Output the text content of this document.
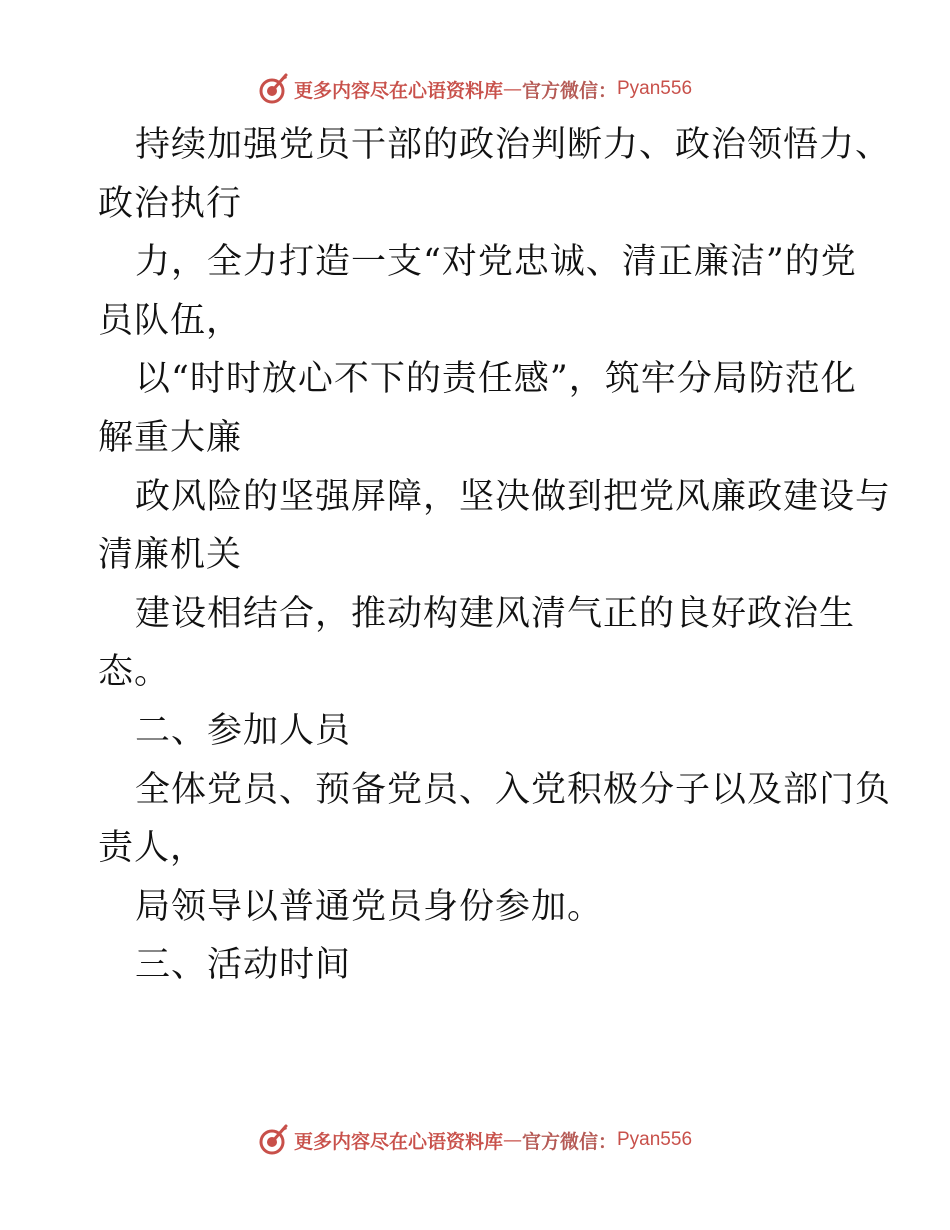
更多内容尽在心语资料库 — 官方微信： Pyan556
持续加强党员干部的政治判断力、政治领悟力、
政治执行
力，全力打造一支“对党忠诚、清正廉洁”的党
员队伍，
以“时时放心不下的责任感”，筑牢分局防范化
解重大廉
政风险的坚强屏障，坚决做到把党风廉政建设与
清廉机关
建设相结合，推动构建风清气正的良好政治生
态。
二、参加人员
全体党员、预备党员、入党积极分子以及部门负
责人，
局领导以普通党员身份参加。
三、活动时间
更多内容尽在心语资料库 — 官方微信： Pyan556
